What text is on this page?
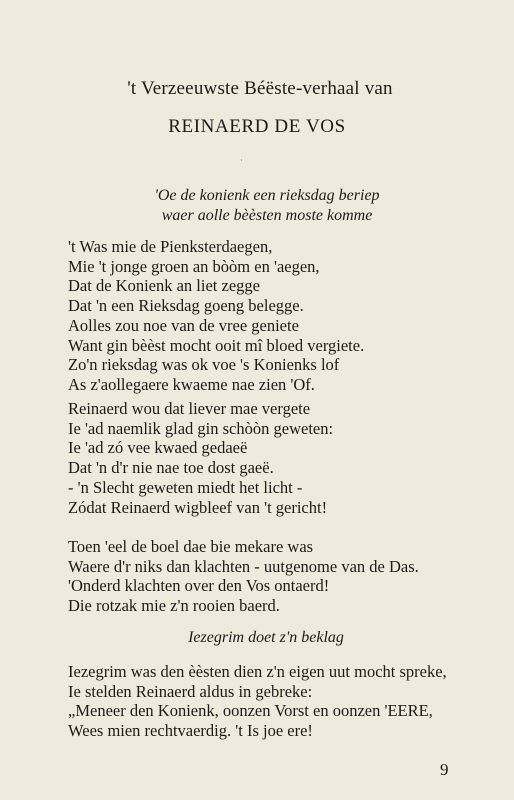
't Verzeeuwste Béëste-verhaal van
REINAERD DE VOS
·
'Oe de konienk een rieksdag beriep
waer aolle bèèsten moste komme
't Was mie de Pienksterdaegen,
Mie 't jonge groen an bòòm en 'aegen,
Dat de Konienk an liet zegge
Dat 'n een Rieksdag goeng belegge.
Aolles zou noe van de vree geniete
Want gin bèèst mocht ooit mî bloed vergiete.
Zo'n rieksdag was ok voe 's Konienks lof
As z'aollegaere kwaeme nae zien 'Of.
Reinaerd wou dat liever mae vergete
Ie 'ad naemlik glad gin schòòn geweten:
Ie 'ad zó vee kwaed gedaeë
Dat 'n d'r nie nae toe dost gaeë.
- 'n Slecht geweten miedt het licht -
Zódat Reinaerd wigbleef van 't gericht!
Toen 'eel de boel dae bie mekare was
Waere d'r niks dan klachten - uutgenome van de Das.
'Onderd klachten over den Vos ontaerd!
Die rotzak mie z'n rooien baerd.
Iezegrim doet z'n beklag
Iezegrim was den èèsten dien z'n eigen uut mocht spreke,
Ie stelden Reinaerd aldus in gebreke:
„Meneer den Konienk, oonzen Vorst en oonzen 'EERE,
Wees mien rechtvaerdig. 't Is joe ere!
9
